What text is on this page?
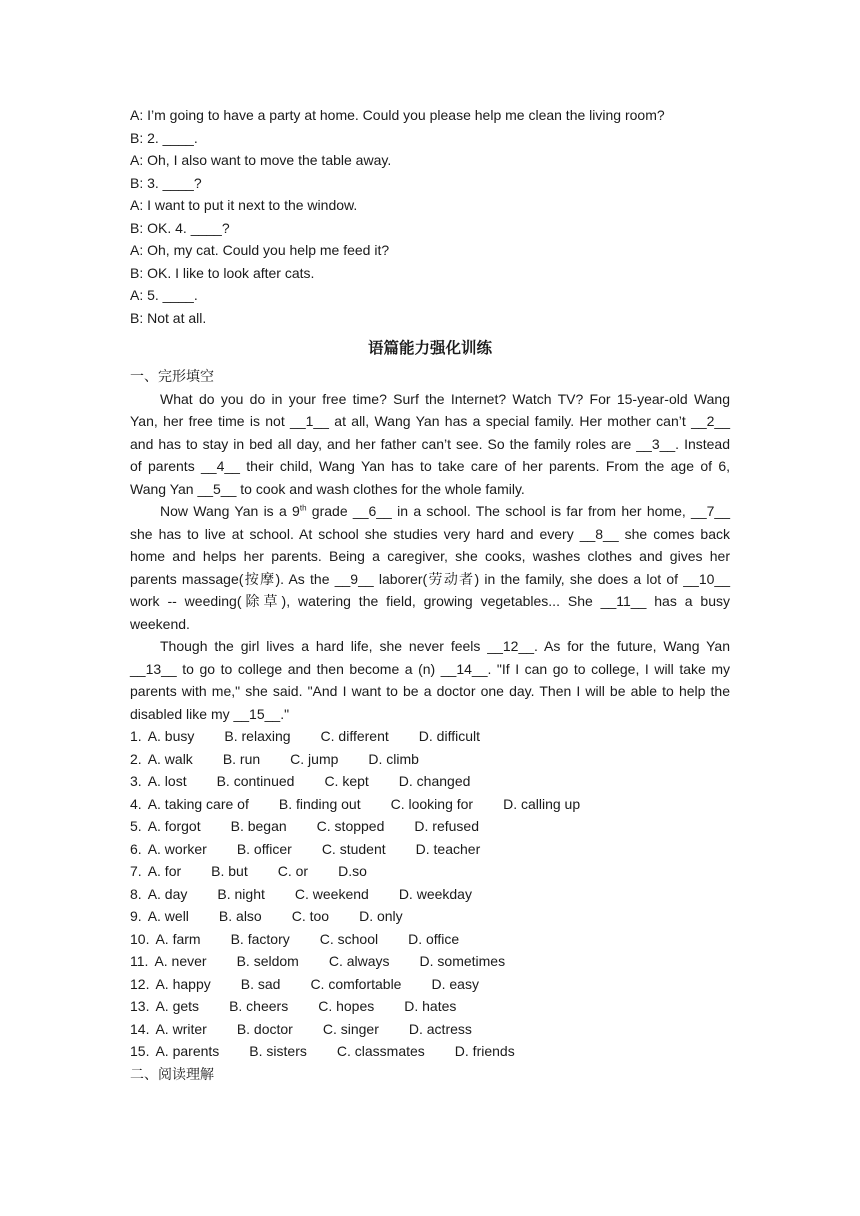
A: I’m going to have a party at home. Could you please help me clean the living room?
B: 2. ____.
A: Oh, I also want to move the table away.
B: 3. ____?
A: I want to put it next to the window.
B: OK. 4. ____?
A: Oh, my cat. Could you help me feed it?
B: OK. I like to look after cats.
A: 5. ____.
B: Not at all.
语篇能力强化训练
一、完形填空
What do you do in your free time? Surf the Internet? Watch TV? For 15-year-old Wang
Yan, her free time is not __1__ at all, Wang Yan has a special family. Her mother can’t __2__
and has to stay in bed all day, and her father can’t see. So the family roles are __3__. Instead
of parents __4__ their child, Wang Yan has to take care of her parents. From the age of 6,
Wang Yan __5__ to cook and wash clothes for the whole family.
Now Wang Yan is a 9th grade __6__ in a school. The school is far from her home, __7__
she has to live at school. At school she studies very hard and every __8__ she comes back
home and helps her parents. Being a caregiver, she cooks, washes clothes and gives her
parents massage(按摩). As the __9__ laborer(劳动者) in the family, she does a lot of __10__
work -- weeding(除草), watering the field, growing vegetables... She __11__ has a busy
weekend.
Though the girl lives a hard life, she never feels __12__. As for the future, Wang Yan
__13__ to go to college and then become a (n) __14__. "If I can go to college, I will take my
parents with me," she said. "And I want to be a doctor one day. Then I will be able to help the
disabled like my __15__."
1. A. busy B. relaxing C. different D. difficult
2. A. walk B. run C. jump D. climb
3. A. lost B. continued C. kept D. changed
4. A. taking care of B. finding out C. looking for D. calling up
5. A. forgot B. began C. stopped D. refused
6. A. worker B. officer C. student D. teacher
7. A. for B. but C. or D.so
8. A. day B. night C. weekend D. weekday
9. A. well B. also C. too D. only
10. A. farm B. factory C. school D. office
11. A. never B. seldom C. always D. sometimes
12. A. happy B. sad C. comfortable D. easy
13. A. gets B. cheers C. hopes D. hates
14. A. writer B. doctor C. singer D. actress
15. A. parents B. sisters C. classmates D. friends
二、阅读理解
